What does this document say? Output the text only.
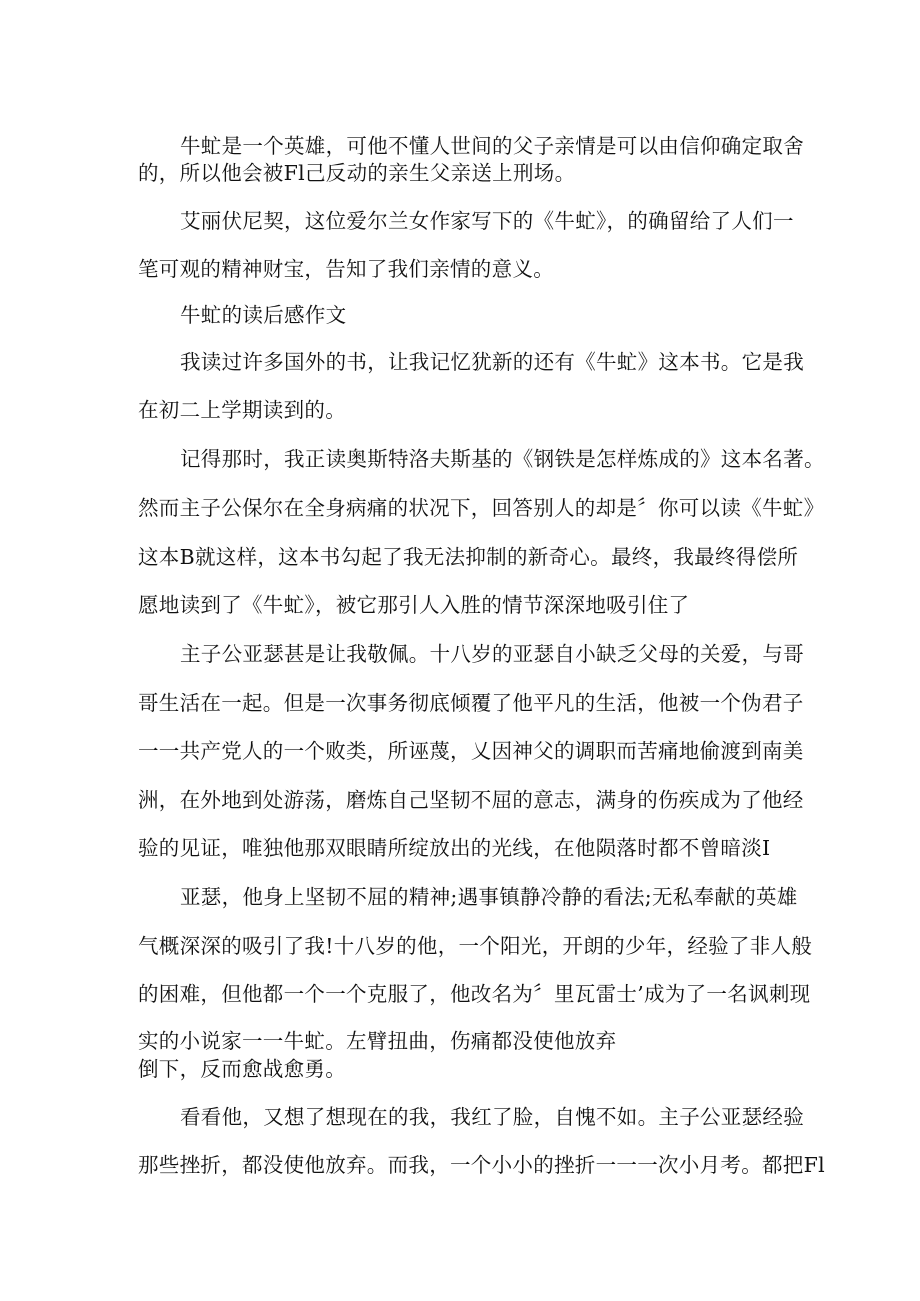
牛虻是一个英雄，可他不懂人世间的父子亲情是可以由信仰确定取舍
的，所以他会被Fl己反动的亲生父亲送上刑场。
艾丽伏尼契，这位爱尔兰女作家写下的《牛虻》，的确留给了人们一
笔可观的精神财宝，告知了我们亲情的意义。
牛虻的读后感作文
我读过许多国外的书，让我记忆犹新的还有《牛虻》这本书。它是我
在初二上学期读到的。
记得那时，我正读奥斯特洛夫斯基的《钢铁是怎样炼成的》这本名著。
然而主子公保尔在全身病痛的状况下，回答别人的却是〞你可以读《牛虻》
这本B就这样，这本书勾起了我无法抑制的新奇心。最终，我最终得偿所
愿地读到了《牛虻》，被它那引人入胜的情节深深地吸引住了
主子公亚瑟甚是让我敬佩。十八岁的亚瑟自小缺乏父母的关爱，与哥
哥生活在一起。但是一次事务彻底倾覆了他平凡的生活，他被一个伪君子
一一共产党人的一个败类，所诬蔑，乂因神父的调职而苦痛地偷渡到南美
洲，在外地到处游荡，磨炼自己坚韧不屈的意志，满身的伤疾成为了他经
验的见证，唯独他那双眼睛所绽放出的光线，在他陨落时都不曾暗淡I
亚瑟，他身上坚韧不屈的精神;遇事镇静冷静的看法;无私奉献的英雄
气概深深的吸引了我!十八岁的他，一个阳光，开朗的少年，经验了非人般
的困难，但他都一个一个克服了，他改名为〞里瓦雷士’成为了一名讽刺现
实的小说家一一牛虻。左臂扭曲，伤痛都没使他放弃
倒下，反而愈战愈勇。
看看他，又想了想现在的我，我红了脸，自愧不如。主子公亚瑟经验
那些挫折，都没使他放弃。而我，一个小小的挫折一一一次小月考。都把Fl
